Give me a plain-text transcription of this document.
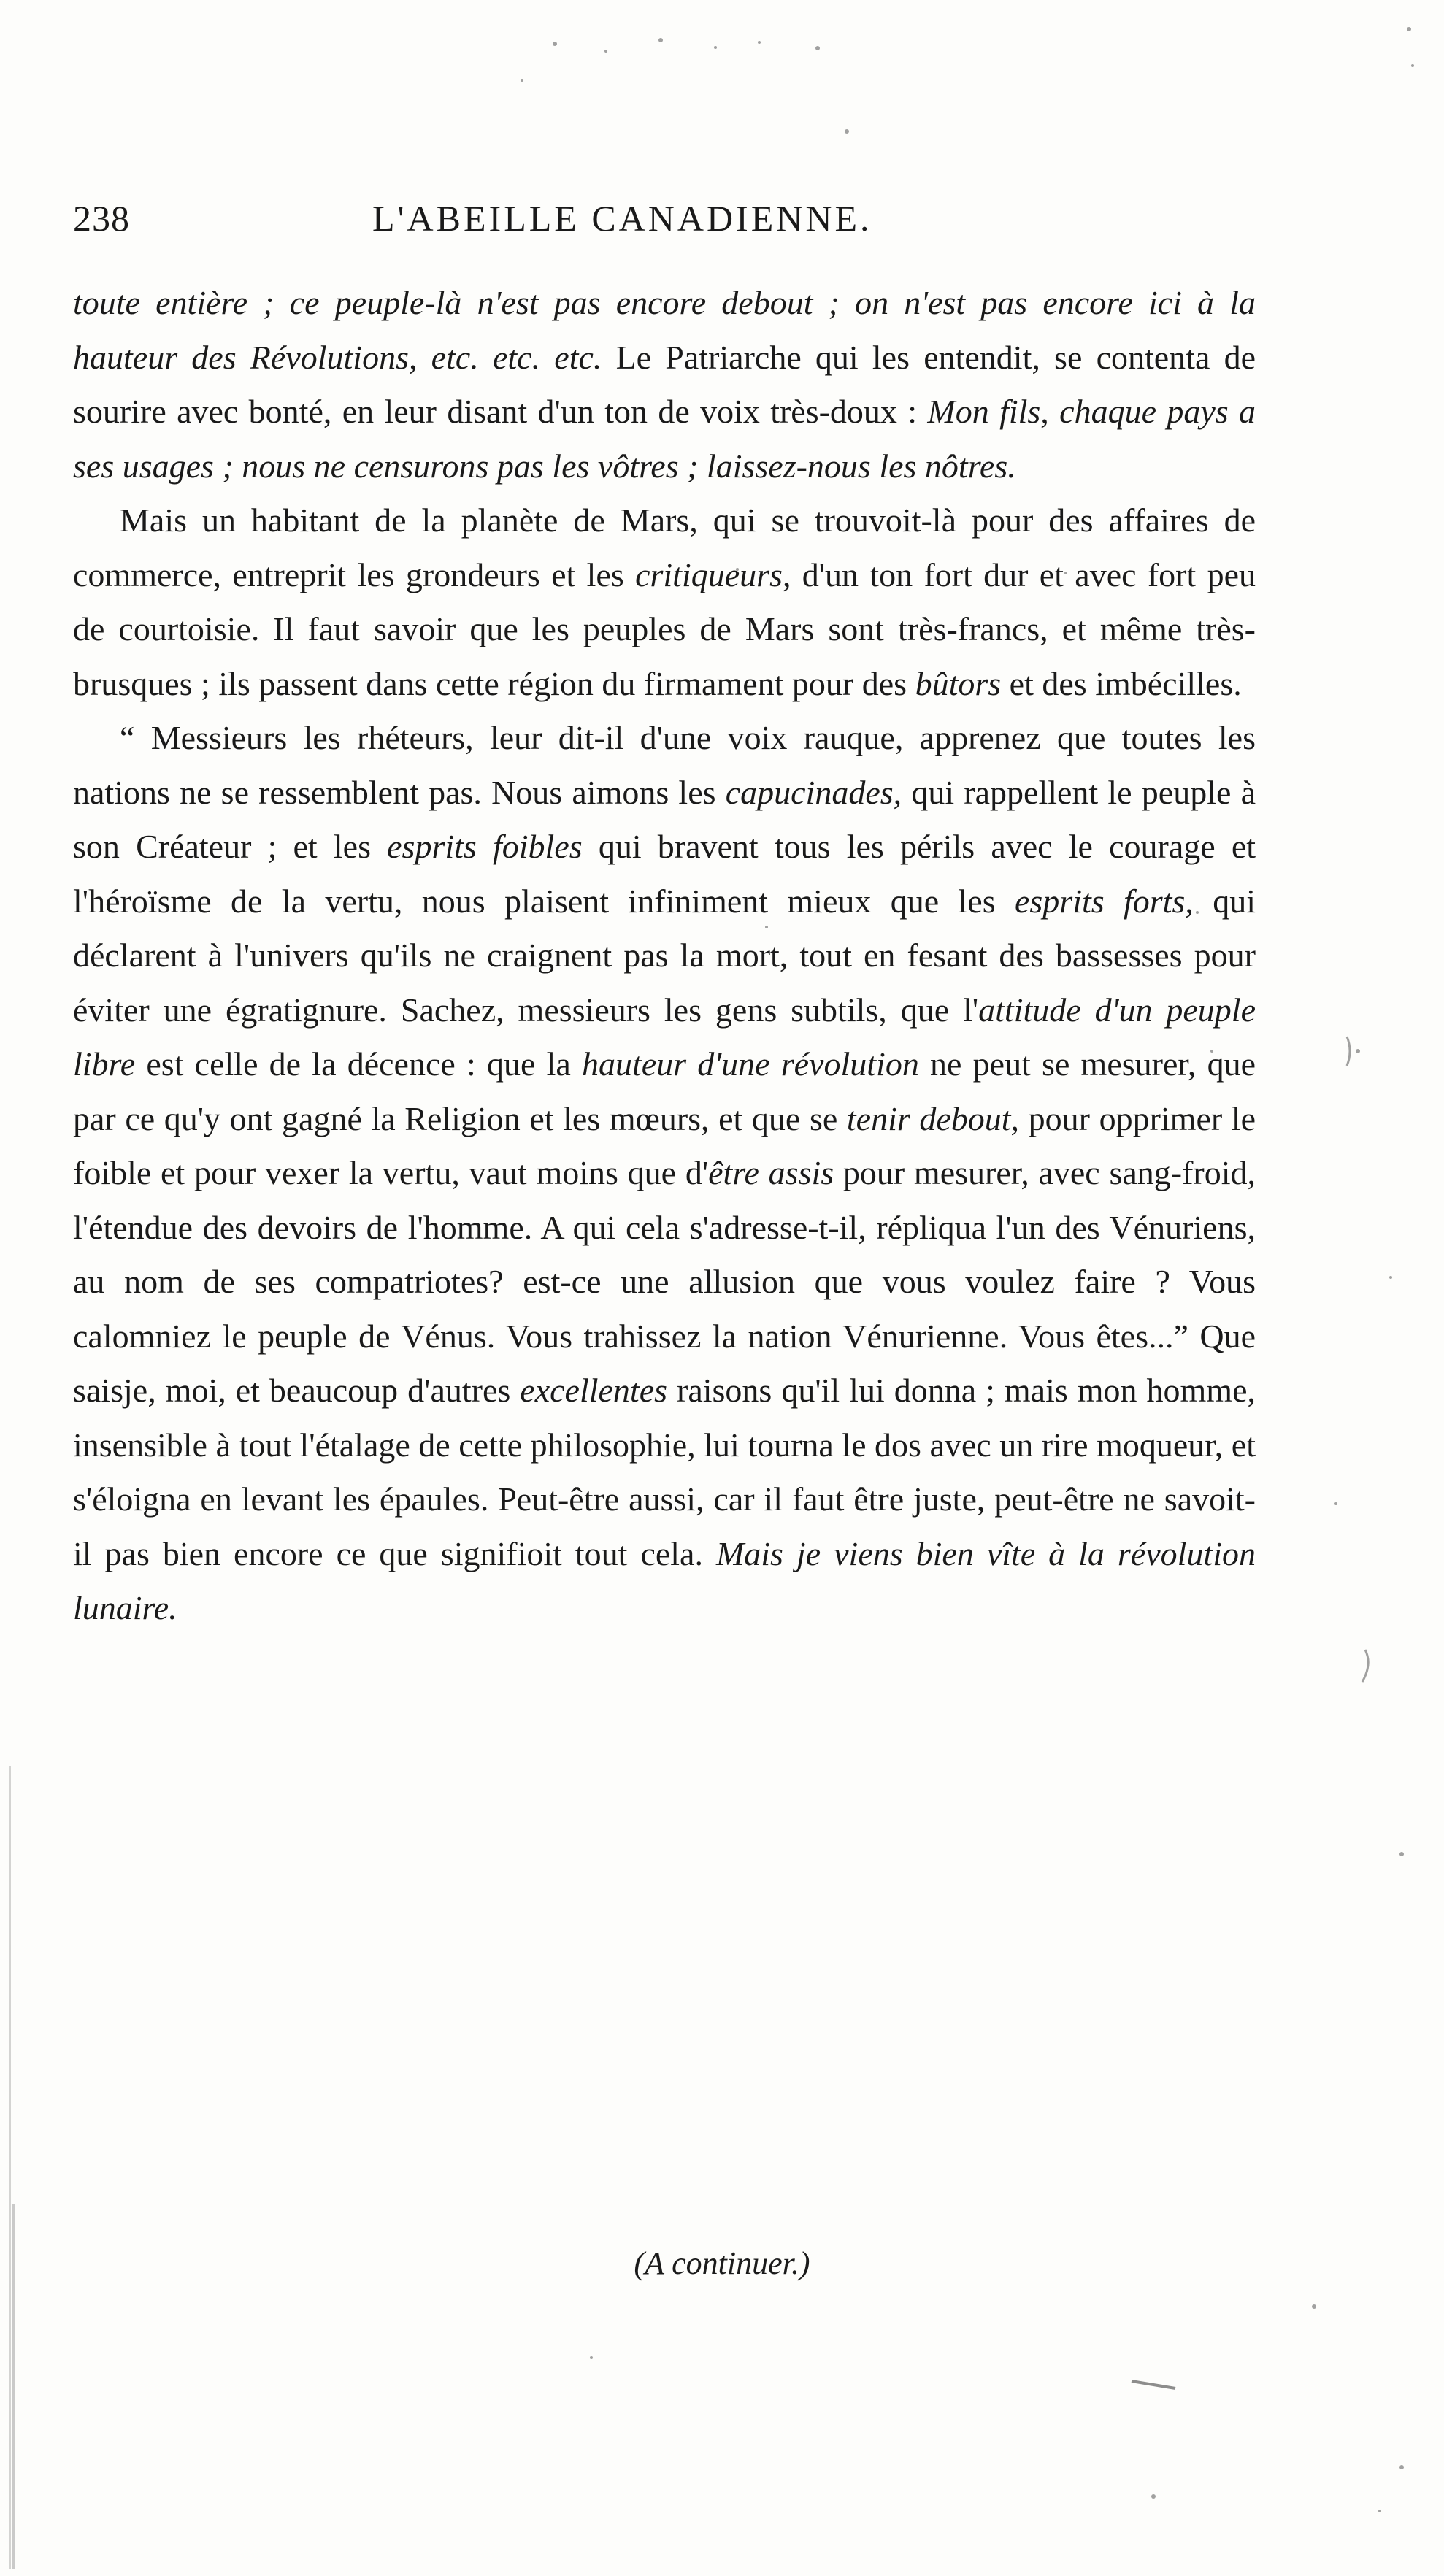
238	L'ABEILLE CANADIENNE.

toute entière ; ce peuple-là n'est pas encore debout ; on n'est pas encore ici à la hauteur des Révolutions, etc. etc. etc. Le Patriarche qui les entendit, se contenta de sourire avec bonté, en leur disant d'un ton de voix très-doux : Mon fils, chaque pays a ses usages ; nous ne censurons pas les vôtres ; laissez-nous les nôtres.

Mais un habitant de la planète de Mars, qui se trouvoit-là pour des affaires de commerce, entreprit les grondeurs et les critiqueurs, d'un ton fort dur et avec fort peu de courtoisie. Il faut savoir que les peuples de Mars sont très-francs, et même très-brusques ; ils passent dans cette région du firmament pour des bûtors et des imbécilles.

“ Messieurs les rhéteurs, leur dit-il d'une voix rauque, apprenez que toutes les nations ne se ressemblent pas. Nous aimons les capucinades, qui rappellent le peuple à son Créateur ; et les esprits foibles qui bravent tous les périls avec le courage et l'héroïsme de la vertu, nous plaisent infiniment mieux que les esprits forts, qui déclarent à l'univers qu'ils ne craignent pas la mort, tout en fesant des bassesses pour éviter une égratignure. Sachez, messieurs les gens subtils, que l'attitude d'un peuple libre est celle de la décence : que la hauteur d'une révolution ne peut se mesurer, que par ce qu'y ont gagné la Religion et les mœurs, et que se tenir debout, pour opprimer le foible et pour vexer la vertu, vaut moins que d'être assis pour mesurer, avec sang-froid, l'étendue des devoirs de l'homme. A qui cela s'adresse-t-il, répliqua l'un des Vénuriens, au nom de ses compatriotes? est-ce une allusion que vous voulez faire ? Vous calomniez le peuple de Vénus. Vous trahissez la nation Vénurienne. Vous êtes...” Que saisje, moi, et beaucoup d'autres excellentes raisons qu'il lui donna ; mais mon homme, insensible à tout l'étalage de cette philosophie, lui tourna le dos avec un rire moqueur, et s'éloigna en levant les épaules. Peut-être aussi, car il faut être juste, peut-être ne savoit-il pas bien encore ce que signifioit tout cela. Mais je viens bien vîte à la révolution lunaire.

(A continuer.)
